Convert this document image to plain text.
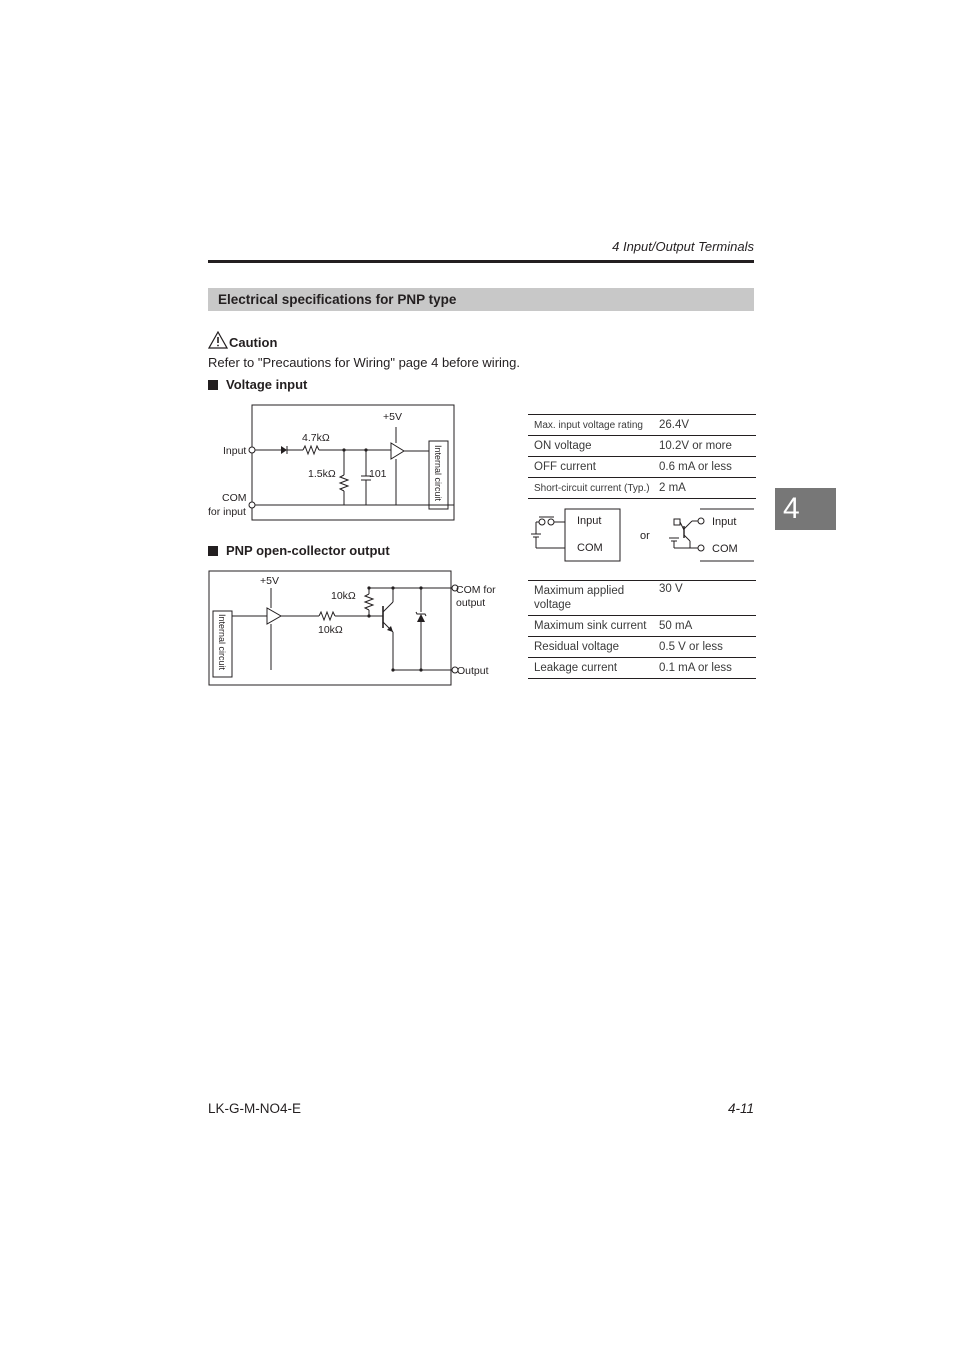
4 Input/Output Terminals
Electrical specifications for PNP type
Caution
Refer to "Precautions for Wiring" page 4 before wiring.
Voltage input
+5V
4.7kΩ
1.5kΩ	101
Input
COM
for input
Internal circuit
PNP open-collector output
+5V
10kΩ
10kΩ
COM for
output
Output
Internal circuit
Max. input voltage rating	26.4V
ON voltage	10.2V or more
OFF current	0.6 mA or less
Short-circuit current (Typ.)	2 mA
Input
COM
or
Input
COM
Maximum applied
voltage	30 V
Maximum sink current	50 mA
Residual voltage	0.5 V or less
Leakage current	0.1 mA or less
4
LK-G-M-NO4-E	4-11
